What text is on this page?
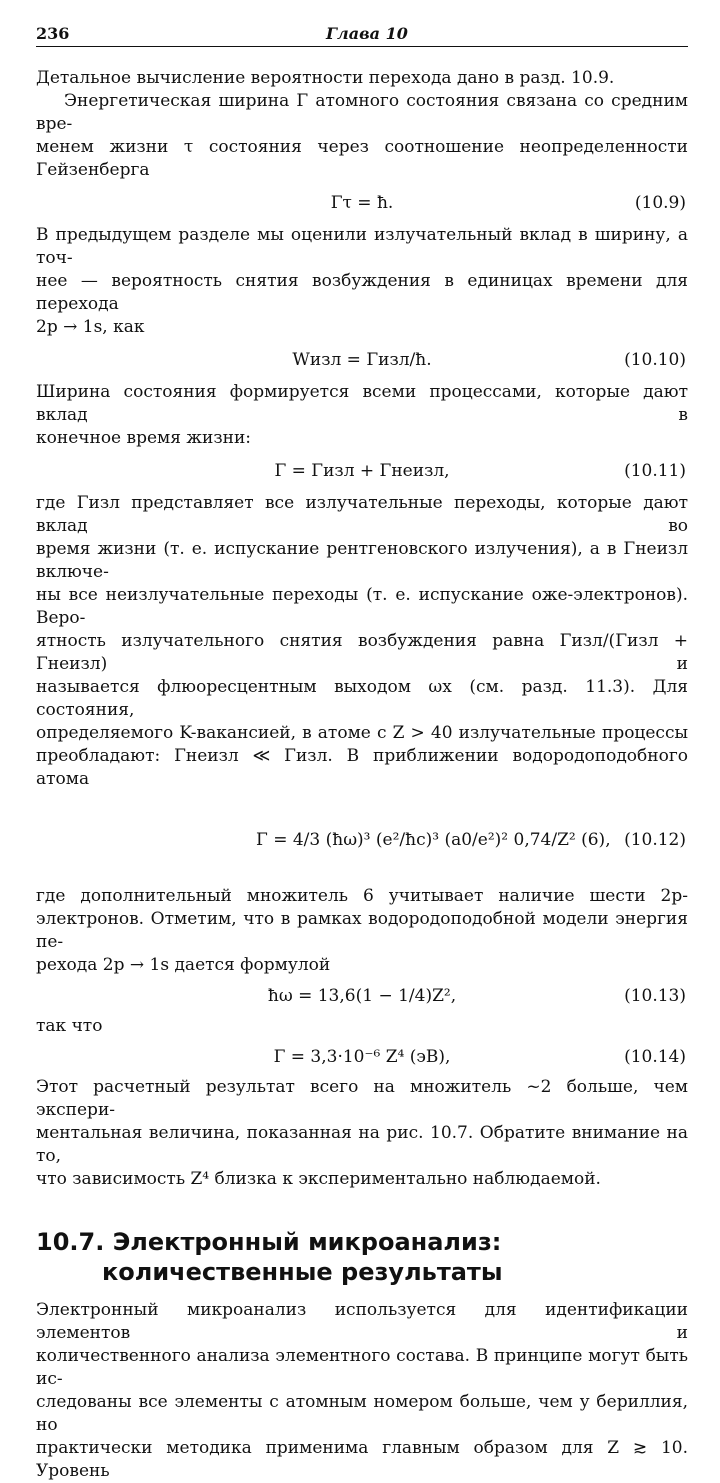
236	Глава 10

Детальное вычисление вероятности перехода дано в разд. 10.9.

Энергетическая ширина Γ атомного состояния связана со средним вре-

менем жизни τ состояния через соотношение неопределенности Гейзенберга

Γτ = ħ.	(10.9)

В предыдущем разделе мы оценили излучательный вклад в ширину, а точ-

нее — вероятность снятия возбуждения в единицах времени для перехода

2p → 1s, как

Wизл = Γизл/ħ.	(10.10)

Ширина состояния формируется всеми процессами, которые дают вклад в

конечное время жизни:

Γ = Γизл + Γнеизл,	(10.11)

где Γизл представляет все излучательные переходы, которые дают вклад во

время жизни (т. е. испускание рентгеновского излучения), а в Γнеизл включе-

ны все неизлучательные переходы (т. е. испускание оже-электронов). Веро-

ятность излучательного снятия возбуждения равна Γизл/(Γизл + Γнеизл) и

называется флюоресцентным выходом ωx (см. разд. 11.3). Для состояния,

определяемого K-вакансией, в атоме с Z > 40 излучательные процессы

преобладают: Γнеизл ≪ Γизл. В приближении водородоподобного атома

Γ = 4/3 (ħω)³ (e²/ħc)³ (a0/e²)² 0,74/Z² (6), (10.12)

где дополнительный множитель 6 учитывает наличие шести 2p-

электронов. Отметим, что в рамках водородоподобной модели энергия пе-

рехода 2p → 1s дается формулой

ħω = 13,6(1 − 1/4)Z²,	(10.13)

так что

Γ = 3,3·10⁻⁶ Z⁴ (эВ),	(10.14)

Этот расчетный результат всего на множитель ~2 больше, чем экспери-

ментальная величина, показанная на рис. 10.7. Обратите внимание на то,

что зависимость Z⁴ близка к экспериментально наблюдаемой.

10.7. Электронный микроанализ:
количественные результаты

Электронный микроанализ используется для идентификации элементов и

количественного анализа элементного состава. В принципе могут быть ис-

следованы все элементы с атомным номером больше, чем у бериллия, но

практически методика применима главным образом для Z ≳ 10. Уровень
